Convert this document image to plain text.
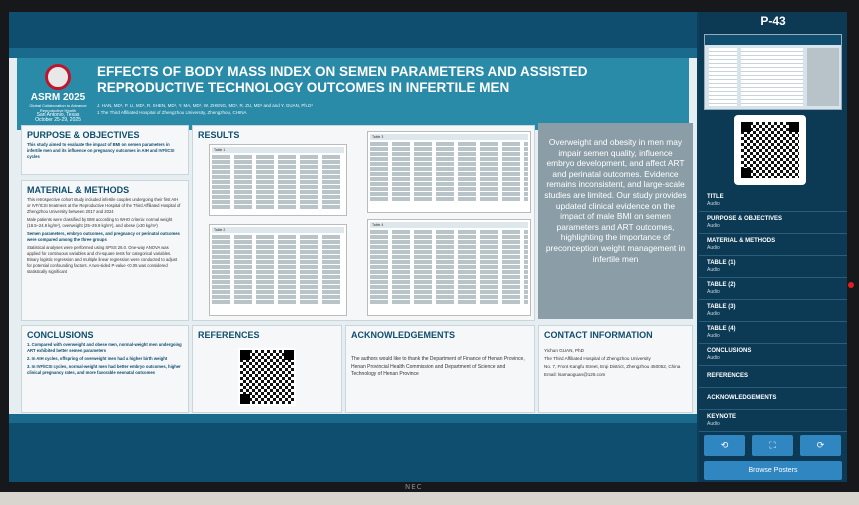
NEC
ASRM 2025
Global Collaboration to Advance Reproductive Health
San Antonio, Texas
October 25-29, 2025
EFFECTS OF BODY MASS INDEX ON SEMEN PARAMETERS AND ASSISTED REPRODUCTIVE TECHNOLOGY OUTCOMES IN INFERTILE MEN
J. HAN, MD¹, P. LI, MD¹, R. SHEN, MD¹, Y. MA, MD¹, W. ZHENG, MD¹, R. ZU, MD¹ and and Y. GUAN, Ph.D¹
1 The Third Affiliated Hospital of Zhengzhou University, Zhengzhou, CHINA
PURPOSE & OBJECTIVES

This study aimed to evaluate the impact of BMI on semen parameters in infertile men and its influence on pregnancy outcomes in AIH and IVF/ICSI cycles

MATERIAL & METHODS

This retrospective cohort study included infertile couples undergoing their first AIH or IVF/ICSI treatment at the Reproductive Hospital of the Third Affiliated Hospital of Zhengzhou University between 2017 and 2024

Male patients were classified by BMI according to WHO criteria: normal weight (18.5–24.9 kg/m²), overweight (25–29.9 kg/m²), and obese (≥30 kg/m²)

Semen parameters, embryo outcomes, and pregnancy or perinatal outcomes were compared among the three groups

Statistical analyses were performed using SPSS 26.0. One-way ANOVA was applied for continuous variables and chi-square tests for categorical variables. Binary logistic regression and multiple linear regression were conducted to adjust for potential confounding factors. A two-sided P-value <0.05 was considered statistically significant

RESULTS
Table 1
Table 2
Table 3
Table 4
Overweight and obesity in men may impair semen quality, influence embryo development, and affect ART and perinatal outcomes. Evidence remains inconsistent, and large-scale studies are limited. Our study provides updated clinical evidence on the impact of male BMI on semen parameters and ART outcomes, highlighting the importance of preconception weight management in infertile men
CONCLUSIONS

1. Compared with overweight and obese men, normal-weight men undergoing ART exhibited better semen parameters

2. In AIH cycles, offspring of overweight men had a higher birth weight

3. In IVF/ICSI cycles, normal-weight men had better embryo outcomes, higher clinical pregnancy rates, and more favorable neonatal outcomes

REFERENCES	ACKNOWLEDGEMENTS

The authors would like to thank the Department of Finance of Henan Province, Henan Provincial Health Commission and Department of Science and Technology of Henan Province

CONTACT INFORMATION

Yichun GUAN, PhD

The Third Affiliated Hospital of Zhengzhou University

No. 7, Front Kangfu Street, Erqi District, Zhengzhou 450052, China

Email: lsamaoguan@126.com

P-43
TITLE
Audio
PURPOSE & OBJECTIVES
Audio
MATERIAL & METHODS
Audio
TABLE (1)
Audio
TABLE (2)
Audio
TABLE (3)
Audio
TABLE (4)
Audio
CONCLUSIONS
Audio
REFERENCES
ACKNOWLEDGEMENTS
KEYNOTE
Audio
⟲	⛶	⟳
Browse Posters
